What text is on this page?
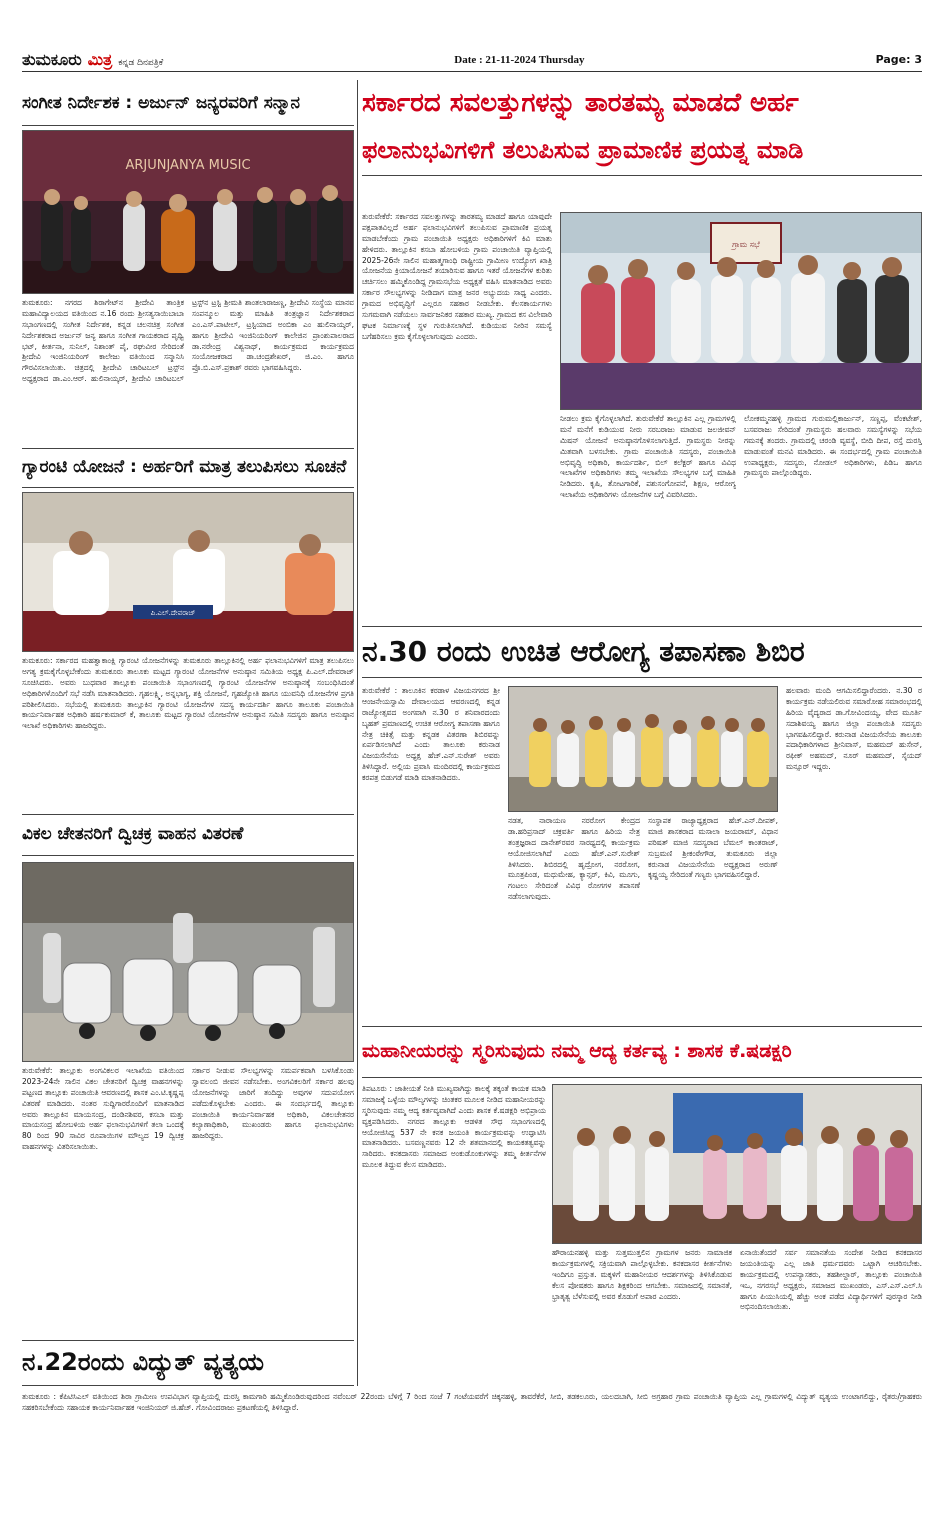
ತುಮಕೂರು ಮಿತ್ರ ಕನ್ನಡ ದಿನಪತ್ರಿಕೆ	Date : 21-11-2024 Thursday	Page: 3
ಸಂಗೀತ ನಿರ್ದೇಶಕ : ಅರ್ಜುನ್ ಜನ್ಯರವರಿಗೆ ಸನ್ಮಾನ
ARJUNJANYA MUSIC
ತುಮಕೂರು: ನಗರದ ಶಿರಾಗೇಟ್‌ನ ಶ್ರೀದೇವಿ ತಾಂತ್ರಿಕ ಮಹಾವಿದ್ಯಾಲಯದ ವತಿಯಿಂದ ನ.16 ರಂದು ಶ್ರೀಸತ್ಯಸಾಯಿಬಾಬಾ ಸಭಾಂಗಣದಲ್ಲಿ ಸಂಗೀತ ನಿರ್ದೇಶಕ, ಕನ್ನಡ ಚಲನಚಿತ್ರ ಸಂಗೀತ ನಿರ್ದೇಶಕರಾದ ಅರ್ಜುನ್ ಜನ್ಯ ಹಾಗೂ ಸಂಗೀತ ಗಾಯಕರಾದ ಪೃಥ್ವಿ ಭಟ್, ಕೀರ್ತನಾ, ಸುನಿಲ್, ನಿಶಾಂತ್ ಪೈ, ರಘುವೀರ ಸೇರಿದಂತೆ ಶ್ರೀದೇವಿ ಇಂಜಿನಿಯರಿಂಗ್ ಕಾಲೇಜು ವತಿಯಿಂದ ಸನ್ಮಾನಿಸಿ ಗೌರವಿಸಲಾಯಿತು. ಚಿತ್ರದಲ್ಲಿ ಶ್ರೀದೇವಿ ಚಾರಿಟಬಲ್ ಟ್ರಸ್ಟ್‌ನ ಅಧ್ಯಕ್ಷರಾದ ಡಾ.ಎಂ.ಆರ್. ಹುಲಿನಾಯ್ಕರ್, ಶ್ರೀದೇವಿ ಚಾರಿಟಬಲ್ ಟ್ರಸ್ಟ್‌ನ ಟ್ರಸ್ಟಿ ಶ್ರೀಮತಿ ಶಾಂತಲಾರಾಜಣ್ಣ, ಶ್ರೀದೇವಿ ಸಂಸ್ಥೆಯ ಮಾನವ ಸಂಪನ್ಮೂಲ ಮತ್ತು ಮಾಹಿತಿ ತಂತ್ರಜ್ಞಾನ ನಿರ್ದೇಶಕರಾದ ಎಂ.ಎಸ್.ಪಾಟೀಲ್, ಟ್ರಸ್ಟಿಯಾದ ಅಂಬಿಕಾ ಎಂ ಹುಲಿನಾಯ್ಕರ್, ಹಾಗೂ ಶ್ರೀದೇವಿ ಇಂಜಿನಿಯರಿಂಗ್ ಕಾಲೇಜಿನ ಪ್ರಾಂಶುಪಾಲರಾದ ಡಾ.ನರೇಂದ್ರ ವಿಶ್ವನಾಥ್, ಕಾರ್ಯಕ್ರಮದ ಕಾರ್ಯಕ್ರಮದ ಸಂಯೋಜಕರಾದ ಡಾ.ಚಂದ್ರಶೇಖರ್, ಜಿ.ಎಂ. ಹಾಗೂ ಪ್ರೊ.ಬಿ.ಎಸ್.ಪ್ರಕಾಶ್ ರವರು ಭಾಗವಹಿಸಿದ್ದರು.
ಗ್ಯಾರಂಟಿ ಯೋಜನೆ : ಅರ್ಹರಿಗೆ ಮಾತ್ರ ತಲುಪಿಸಲು ಸೂಚನೆ
ಪಿ.ಎಲ್.ದೇವರಾಜ್
ತುಮಕೂರು: ಸರ್ಕಾರದ ಮಹತ್ವಾಕಾಂಕ್ಷಿ ಗ್ಯಾರಂಟಿ ಯೋಜನೆಗಳನ್ನು ತುಮಕೂರು ತಾಲ್ಲೂಕಿನಲ್ಲಿ ಅರ್ಹ ಫಲಾನುಭವಿಗಳಿಗೆ ಮಾತ್ರ ತಲುಪಿಸಲು ಅಗತ್ಯ ಕ್ರಮಕೈಗೊಳ್ಳಬೇಕೆಂದು ತುಮಕೂರು ತಾಲೂಕು ಮಟ್ಟದ ಗ್ಯಾರಂಟಿ ಯೋಜನೆಗಳ ಅನುಷ್ಠಾನ ಸಮಿತಿಯ ಅಧ್ಯಕ್ಷ ಪಿ.ಎಲ್.ದೇವರಾಜ್ ಸೂಚಿಸಿದರು. ಅವರು ಬುಧವಾರ ತಾಲ್ಲೂಕು ಪಂಚಾಯಿತಿ ಸಭಾಂಗಣದಲ್ಲಿ ಗ್ಯಾರಂಟಿ ಯೋಜನೆಗಳ ಅನುಷ್ಠಾನಕ್ಕೆ ಸಂಬಂಧಿಸಿದಂತೆ ಅಧಿಕಾರಿಗಳೊಂದಿಗೆ ಸಭೆ ನಡೆಸಿ ಮಾತನಾಡಿದರು. ಗೃಹಲಕ್ಷ್ಮಿ, ಅನ್ನಭಾಗ್ಯ, ಶಕ್ತಿ ಯೋಜನೆ, ಗೃಹಜ್ಯೋತಿ ಹಾಗೂ ಯುವನಿಧಿ ಯೋಜನೆಗಳ ಪ್ರಗತಿ ಪರಿಶೀಲಿಸಿದರು. ಸಭೆಯಲ್ಲಿ ತುಮಕೂರು ತಾಲ್ಲೂಕಿನ ಗ್ಯಾರಂಟಿ ಯೋಜನೆಗಳ ಸದಸ್ಯ ಕಾರ್ಯದರ್ಶಿ ಹಾಗೂ ತಾಲೂಕು ಪಂಚಾಯಿತಿ ಕಾರ್ಯನಿರ್ವಾಹಕ ಅಧಿಕಾರಿ ಹರ್ಷಕುಮಾರ್ ಕೆ, ತಾಲೂಕು ಮಟ್ಟದ ಗ್ಯಾರಂಟಿ ಯೋಜನೆಗಳ ಅನುಷ್ಠಾನ ಸಮಿತಿ ಸದಸ್ಯರು ಹಾಗೂ ಅನುಷ್ಠಾನ ಇಲಾಖೆ ಅಧಿಕಾರಿಗಳು ಹಾಜರಿದ್ದರು.
ವಿಕಲ ಚೇತನರಿಗೆ ದ್ವಿಚಕ್ರ ವಾಹನ ವಿತರಣೆ
ತುರುವೇಕೆರೆ: ತಾಲ್ಲೂಕು ಅಂಗವಿಕಲರ ಇಲಾಖೆಯ ವತಿಯಿಂದ 2023-24ನೇ ಸಾಲಿನ ವಿಕಲ ಚೇತನರಿಗೆ ದ್ವಿಚಕ್ರ ವಾಹನಗಳನ್ನು ಪಟ್ಟಣದ ತಾಲ್ಲೂಕು ಪಂಚಾಯಿತಿ ಆವರಣದಲ್ಲಿ ಶಾಸಕ ಎಂ.ಟಿ.ಕೃಷ್ಣಪ್ಪ ವಿತರಣೆ ಮಾಡಿದರು. ನಂತರ ಸುದ್ದಿಗಾರರೊಂದಿಗೆ ಮಾತನಾಡಿದ ಅವರು ತಾಲ್ಲೂಕಿನ ಮಾಯಸಂದ್ರ, ದಂಡಿನಶಿವರ, ಕಸಬಾ ಮತ್ತು ಮಾಯಸಂದ್ರ ಹೋಬಳಿಯ ಅರ್ಹ ಫಲಾನುಭವಿಗಳಿಗೆ ತಲಾ ಒಂದಕ್ಕೆ 80 ರಿಂದ 90 ಸಾವಿರ ರೂಪಾಯಿಗಳ ಮೌಲ್ಯದ 19 ದ್ವಿಚಕ್ರ ವಾಹನಗಳನ್ನು ವಿತರಿಸಲಾಯಿತು.
ಸರ್ಕಾರ ನೀಡುವ ಸೌಲಭ್ಯಗಳನ್ನು ಸಮರ್ಪಕವಾಗಿ ಬಳಸಿಕೊಂಡು ಸ್ವಾವಲಂಬಿ ಜೀವನ ನಡೆಸಬೇಕು. ಅಂಗವಿಕಲರಿಗೆ ಸರ್ಕಾರ ಹಲವು ಯೋಜನೆಗಳನ್ನು ಜಾರಿಗೆ ತಂದಿದ್ದು ಅವುಗಳ ಸದುಪಯೋಗ ಪಡೆದುಕೊಳ್ಳಬೇಕು ಎಂದರು. ಈ ಸಂದರ್ಭದಲ್ಲಿ ತಾಲ್ಲೂಕು ಪಂಚಾಯಿತಿ ಕಾರ್ಯನಿರ್ವಾಹಕ ಅಧಿಕಾರಿ, ವಿಕಲಚೇತನರ ಕಲ್ಯಾಣಾಧಿಕಾರಿ, ಮುಖಂಡರು ಹಾಗೂ ಫಲಾನುಭವಿಗಳು ಹಾಜರಿದ್ದರು.
ನ.22ರಂದು ವಿದ್ಯುತ್ ವ್ಯತ್ಯಯ
ತುಮಕೂರು : ಕೆಪಿಟಿಸಿಎಲ್ ವತಿಯಿಂದ ಶಿರಾ ಗ್ರಾಮೀಣ ಉಪವಿಭಾಗ ವ್ಯಾಪ್ತಿಯಲ್ಲಿ ದುರಸ್ತಿ ಕಾಮಗಾರಿ ಹಮ್ಮಿಕೊಂಡಿರುವುದರಿಂದ ನವೆಂಬರ್ 22ರಂದು ಬೆಳಿಗ್ಗೆ 7 ರಿಂದ ಸಂಜೆ 7 ಗಂಟೆಯವರೆಗೆ ಚಿಕ್ಕನಹಳ್ಳಿ, ತಾವರೆಕೆರೆ, ಸೀಬಿ, ತಡಕಲೂರು, ಯಲದಬಾಗಿ, ಸೀಬಿ ಅಗ್ರಹಾರ ಗ್ರಾಮ ಪಂಚಾಯಿತಿ ವ್ಯಾಪ್ತಿಯ ಎಲ್ಲ ಗ್ರಾಮಗಳಲ್ಲಿ ವಿದ್ಯುತ್ ವ್ಯತ್ಯಯ ಉಂಟಾಗಲಿದ್ದು, ರೈತರು/ಗ್ರಾಹಕರು ಸಹಕರಿಸಬೇಕೆಂದು ಸಹಾಯಕ ಕಾರ್ಯನಿರ್ವಾಹಕ ಇಂಜಿನಿಯರ್ ಜಿ.ಹೆಚ್. ಗೋವಿಂದರಾಜು ಪ್ರಕಟಣೆಯಲ್ಲಿ ತಿಳಿಸಿದ್ದಾರೆ.
ಸರ್ಕಾರದ ಸವಲತ್ತುಗಳನ್ನು ತಾರತಮ್ಯ ಮಾಡದೆ ಅರ್ಹ
ಫಲಾನುಭವಿಗಳಿಗೆ ತಲುಪಿಸುವ ಪ್ರಾಮಾಣಿಕ ಪ್ರಯತ್ನ ಮಾಡಿ
ತುರುವೇಕೆರೆ: ಸರ್ಕಾರದ ಸವಲತ್ತುಗಳನ್ನು ತಾರತಮ್ಯ ಮಾಡದೆ ಹಾಗೂ ಯಾವುದೇ ಪಕ್ಷಪಾತವಿಲ್ಲದೆ ಅರ್ಹ ಫಲಾನುಭವಿಗಳಿಗೆ ತಲುಪಿಸುವ ಪ್ರಾಮಾಣಿಕ ಪ್ರಯತ್ನ ಮಾಡಬೇಕೆಂದು ಗ್ರಾಮ ಪಂಚಾಯಿತಿ ಅಧ್ಯಕ್ಷರು ಅಧಿಕಾರಿಗಳಿಗೆ ಕಿವಿ ಮಾತು ಹೇಳಿದರು. ತಾಲ್ಲೂಕಿನ ಕಸಬಾ ಹೋಬಳಿಯ ಗ್ರಾಮ ಪಂಚಾಯಿತಿ ವ್ಯಾಪ್ತಿಯಲ್ಲಿ 2025-26ನೇ ಸಾಲಿನ ಮಹಾತ್ಮಗಾಂಧಿ ರಾಷ್ಟ್ರೀಯ ಗ್ರಾಮೀಣ ಉದ್ಯೋಗ ಖಾತ್ರಿ ಯೋಜನೆಯ ಕ್ರಿಯಾಯೋಜನೆ ತಯಾರಿಸುವ ಹಾಗೂ ಇತರೆ ಯೋಜನೆಗಳ ಕುರಿತು ಚರ್ಚಿಸಲು ಹಮ್ಮಿಕೊಂಡಿದ್ದ ಗ್ರಾಮಸಭೆಯ ಅಧ್ಯಕ್ಷತೆ ವಹಿಸಿ ಮಾತನಾಡಿದ ಅವರು ಸರ್ಕಾರ ಸೌಲಭ್ಯಗಳನ್ನು ನೀಡಿದಾಗ ಮಾತ್ರ ಜನರ ಅಭ್ಯುದಯ ಸಾಧ್ಯ ಎಂದರು. ಗ್ರಾಮದ ಅಭಿವೃದ್ಧಿಗೆ ಎಲ್ಲರೂ ಸಹಕಾರ ನೀಡಬೇಕು. ಕೆಲಸಕಾರ್ಯಗಳು ಸುಗಮವಾಗಿ ನಡೆಯಲು ಸಾರ್ವಜನಿಕರ ಸಹಕಾರ ಮುಖ್ಯ. ಗ್ರಾಮದ ಕಸ ವಿಲೇವಾರಿ ಘಟಕ ನಿರ್ಮಾಣಕ್ಕೆ ಸ್ಥಳ ಗುರುತಿಸಲಾಗಿದೆ. ಕುಡಿಯುವ ನೀರಿನ ಸಮಸ್ಯೆ ಬಗೆಹರಿಸಲು ಕ್ರಮ ಕೈಗೊಳ್ಳಲಾಗುವುದು ಎಂದರು.
ಗ್ರಾಮ ಸಭೆ
ನೀಡಲು ಕ್ರಮ ಕೈಗೊಳ್ಳಲಾಗಿದೆ. ತುರುವೇಕೆರೆ ತಾಲ್ಲೂಕಿನ ಎಲ್ಲ ಗ್ರಾಮಗಳಲ್ಲಿ ಮನೆ ಮನೆಗೆ ಕುಡಿಯುವ ನೀರು ಸರಬರಾಜು ಮಾಡುವ ಜಲಜೀವನ್ ಮಿಷನ್ ಯೋಜನೆ ಅನುಷ್ಠಾನಗೊಳಿಸಲಾಗುತ್ತಿದೆ. ಗ್ರಾಮಸ್ಥರು ನೀರನ್ನು ಮಿತವಾಗಿ ಬಳಸಬೇಕು. ಗ್ರಾಮ ಪಂಚಾಯಿತಿ ಸದಸ್ಯರು, ಪಂಚಾಯಿತಿ ಅಭಿವೃದ್ಧಿ ಅಧಿಕಾರಿ, ಕಾರ್ಯದರ್ಶಿ, ಬಿಲ್ ಕಲೆಕ್ಟರ್ ಹಾಗೂ ವಿವಿಧ ಇಲಾಖೆಗಳ ಅಧಿಕಾರಿಗಳು ತಮ್ಮ ಇಲಾಖೆಯ ಸೌಲಭ್ಯಗಳ ಬಗ್ಗೆ ಮಾಹಿತಿ ನೀಡಿದರು. ಕೃಷಿ, ತೋಟಗಾರಿಕೆ, ಪಶುಸಂಗೋಪನೆ, ಶಿಕ್ಷಣ, ಆರೋಗ್ಯ ಇಲಾಖೆಯ ಅಧಿಕಾರಿಗಳು ಯೋಜನೆಗಳ ಬಗ್ಗೆ ವಿವರಿಸಿದರು.
ಲೋಕಮ್ಮನಹಳ್ಳಿ ಗ್ರಾಮದ ಗುರುಮಲ್ಲಿಕಾರ್ಜುನ್, ಸಣ್ಣಪ್ಪ, ವೆಂಕಟೇಶ್, ಬಸವರಾಜು ಸೇರಿದಂತೆ ಗ್ರಾಮಸ್ಥರು ಹಲವಾರು ಸಮಸ್ಯೆಗಳನ್ನು ಸಭೆಯ ಗಮನಕ್ಕೆ ತಂದರು. ಗ್ರಾಮದಲ್ಲಿ ಚರಂಡಿ ವ್ಯವಸ್ಥೆ, ಬೀದಿ ದೀಪ, ರಸ್ತೆ ದುರಸ್ತಿ ಮಾಡುವಂತೆ ಮನವಿ ಮಾಡಿದರು. ಈ ಸಂದರ್ಭದಲ್ಲಿ ಗ್ರಾಮ ಪಂಚಾಯಿತಿ ಉಪಾಧ್ಯಕ್ಷರು, ಸದಸ್ಯರು, ನೋಡಲ್ ಅಧಿಕಾರಿಗಳು, ಪಿಡಿಒ ಹಾಗೂ ಗ್ರಾಮಸ್ಥರು ಪಾಲ್ಗೊಂಡಿದ್ದರು.
ನ.30 ರಂದು ಉಚಿತ ಆರೋಗ್ಯ ತಪಾಸಣಾ ಶಿಬಿರ
ತುರುವೇಕೆರೆ : ತಾಲೂಕಿನ ಕರಡಾಳ ವಿಜಯನಗರದ ಶ್ರೀ ಆಂಜನೇಯಸ್ವಾಮಿ ದೇವಾಲಯದ ಆವರಣದಲ್ಲಿ ಕನ್ನಡ ರಾಜ್ಯೋತ್ಸವದ ಅಂಗವಾಗಿ ನ.30 ರ ಶನಿವಾರದಂದು ಬೃಹತ್ ಪ್ರಮಾಣದಲ್ಲಿ ಉಚಿತ ಆರೋಗ್ಯ ತಪಾಸಣಾ ಹಾಗೂ ನೇತ್ರ ಚಿಕಿತ್ಸೆ ಮತ್ತು ಕನ್ನಡಕ ವಿತರಣಾ ಶಿಬಿರವನ್ನು ಏರ್ಪಡಿಸಲಾಗಿದೆ ಎಂದು ತಾಲೂಕು ಕರುನಾಡ ವಿಜಯಸೇನೆಯ ಅಧ್ಯಕ್ಷ ಹೆಚ್.ಎನ್.ಸುರೇಶ್ ಅವರು ತಿಳಿಸಿದ್ದಾರೆ. ಅಲ್ಲಿಯ ಪ್ರವಾಸಿ ಮಂದಿರದಲ್ಲಿ ಕಾರ್ಯಕ್ರಮದ ಕರಪತ್ರ ಬಿಡುಗಡೆ ಮಾಡಿ ಮಾತನಾಡಿದರು.
ಹಲವಾರು ಮಂದಿ ಆಗಮಿಸಲಿದ್ದಾರೆಂದರು. ನ.30 ರ ಕಾರ್ಯಕ್ರಮ ನಡೆಯಲಿರುವ ಸಮಾರೋಹ ಸಮಾರಂಭದಲ್ಲಿ ಹಿರಿಯ ವೈದ್ಯರಾದ ಡಾ.ಗೋವಿಂದಯ್ಯ, ವೇದ ಮೂರ್ತಿ ಸದಾಶಿವಯ್ಯ ಹಾಗೂ ಜಿಲ್ಲಾ ಪಂಚಾಯಿತಿ ಸದಸ್ಯರು ಭಾಗವಹಿಸಲಿದ್ದಾರೆ. ಕರುನಾಡ ವಿಜಯಸೇನೆಯ ತಾಲೂಕು ಪದಾಧಿಕಾರಿಗಳಾದ ಶ್ರೀನಿವಾಸ್, ಮಹಮದ್ ಹುಸೇನ್, ರಫೀಕ್ ಅಹಮದ್, ನೂರ್ ಮಹಮದ್, ಸೈಯದ್ ಮನ್ಸೂರ್ ಇದ್ದರು.
ನಡತ, ನಾರಾಯಣ ನರರೋಗ ಕೇಂದ್ರದ ಡಾ.ಹರಿಪ್ರಸಾದ್ ಚಕ್ರವರ್ತಿ ಹಾಗೂ ಹಿರಿಯ ನೇತ್ರ ತಂತ್ರಜ್ಞರಾದ ದಾನೇಶ್‌ರವರ ಸಾರಥ್ಯದಲ್ಲಿ ಕಾರ್ಯಕ್ರಮ ಆಯೋಜಿಸಲಾಗಿದೆ ಎಂದು ಹೆಚ್.ಎನ್.ಸುರೇಶ್ ತಿಳಿಸಿದರು. ಶಿಬಿರದಲ್ಲಿ ಹೃದ್ರೋಗ, ನರರೋಗ, ಮೂತ್ರಪಿಂಡ, ಮಧುಮೇಹ, ಕ್ಯಾನ್ಸರ್, ಕಿವಿ, ಮೂಗು, ಗಂಟಲು ಸೇರಿದಂತೆ ವಿವಿಧ ರೋಗಗಳ ತಪಾಸಣೆ ನಡೆಸಲಾಗುವುದು.
ಸಂಸ್ಥಾಪಕ ರಾಜ್ಯಾಧ್ಯಕ್ಷರಾದ ಹೆಚ್.ಎನ್.ದೀಪಕ್, ಮಾಜಿ ಶಾಸಕರಾದ ಮಸಾಲಾ ಜಯರಾಮ್, ವಿಧಾನ ಪರಿಷತ್ ಮಾಜಿ ಸದಸ್ಯರಾದ ಬೆಮಲ್ ಕಾಂತರಾಜ್, ಸುಬ್ರಮಣಿ ಶ್ರೀಕಂಠೇಗೌಡ, ತುಮಕೂರು ಜಿಲ್ಲಾ ಕರುನಾಡ ವಿಜಯಸೇನೆಯ ಅಧ್ಯಕ್ಷರಾದ ಅರುಣ್ ಕೃಷ್ಣಯ್ಯ ಸೇರಿದಂತೆ ಗಣ್ಯರು ಭಾಗವಹಿಸಲಿದ್ದಾರೆ.
ಮಹಾನೀಯರನ್ನು ಸ್ಮರಿಸುವುದು ನಮ್ಮ ಆದ್ಯ ಕರ್ತವ್ಯ : ಶಾಸಕ ಕೆ.ಷಡಕ್ಷರಿ
ತಿಪಟೂರು : ಜಾತೀಯತೆ ನೀತಿ ಮುಖ್ಯವಾಗಿದ್ದು ಕಾಲಕ್ಕೆ ತಕ್ಕಂತೆ ಕಾಯಕ ಮಾಡಿ ಸಮಾಜಕ್ಕೆ ಒಳ್ಳೆಯ ಮೌಲ್ಯಗಳನ್ನು ಚಿಂತಕರ ಮೂಲಕ ನೀಡಿದ ಮಹಾನೀಯರನ್ನು ಸ್ಮರಿಸುವುದು ನಮ್ಮ ಆದ್ಯ ಕರ್ತವ್ಯವಾಗಿದೆ ಎಂದು ಶಾಸಕ ಕೆ.ಷಡಕ್ಷರಿ ಅಭಿಪ್ರಾಯ ವ್ಯಕ್ತಪಡಿಸಿದರು. ನಗರದ ತಾಲ್ಲೂಕು ಆಡಳಿತ ಸೌಧ ಸಭಾಂಗಣದಲ್ಲಿ ಆಯೋಜಿಸಿದ್ದ 537 ನೇ ಕನಕ ಜಯಂತಿ ಕಾರ್ಯಕ್ರಮವನ್ನು ಉದ್ಘಾಟಿಸಿ ಮಾತನಾಡಿದರು. ಬಸವಣ್ಣನವರು 12 ನೇ ಶತಮಾನದಲ್ಲಿ ಕಾಯಕತತ್ವವನ್ನು ಸಾರಿದರು. ಕನಕದಾಸರು ಸಮಾಜದ ಅಂಕುಡೊಂಕುಗಳನ್ನು ತಮ್ಮ ಕೀರ್ತನೆಗಳ ಮೂಲಕ ತಿದ್ದುವ ಕೆಲಸ ಮಾಡಿದರು.
ಹೌರಾಯನಹಳ್ಳಿ ಮತ್ತು ಸುತ್ತಮುತ್ತಲಿನ ಗ್ರಾಮಗಳ ಜನರು ಸಾಮಾಜಿಕ ಕಾರ್ಯಕ್ರಮಗಳಲ್ಲಿ ಸಕ್ರಿಯವಾಗಿ ಪಾಲ್ಗೊಳ್ಳಬೇಕು. ಕನಕದಾಸರ ಕೀರ್ತನೆಗಳು ಇಂದಿಗೂ ಪ್ರಸ್ತುತ. ಮಕ್ಕಳಿಗೆ ಮಹಾನೀಯರ ಆದರ್ಶಗಳನ್ನು ತಿಳಿಸಿಕೊಡುವ ಕೆಲಸ ಪೋಷಕರು ಹಾಗೂ ಶಿಕ್ಷಕರಿಂದ ಆಗಬೇಕು. ಸಮಾಜದಲ್ಲಿ ಸಮಾನತೆ, ಭ್ರಾತೃತ್ವ ಬೆಳೆಸುವಲ್ಲಿ ಅವರ ಕೊಡುಗೆ ಅಪಾರ ಎಂದರು.
ಏನಾಯಿತೆಂದರೆ ಸರ್ವ ಸಮಾನತೆಯ ಸಂದೇಶ ನೀಡಿದ ಕನಕದಾಸರ ಜಯಂತಿಯನ್ನು ಎಲ್ಲ ಜಾತಿ ಧರ್ಮದವರು ಒಟ್ಟಾಗಿ ಆಚರಿಸಬೇಕು. ಕಾರ್ಯಕ್ರಮದಲ್ಲಿ ಉಪನ್ಯಾಸಕರು, ತಹಶೀಲ್ದಾರ್, ತಾಲ್ಲೂಕು ಪಂಚಾಯಿತಿ ಇಒ, ನಗರಸಭೆ ಅಧ್ಯಕ್ಷರು, ಸಮಾಜದ ಮುಖಂಡರು, ಎಸ್.ಎಸ್.ಎಲ್.ಸಿ ಹಾಗೂ ಪಿಯುಸಿಯಲ್ಲಿ ಹೆಚ್ಚು ಅಂಕ ಪಡೆದ ವಿದ್ಯಾರ್ಥಿಗಳಿಗೆ ಪುರಸ್ಕಾರ ನೀಡಿ ಅಭಿನಂದಿಸಲಾಯಿತು.
